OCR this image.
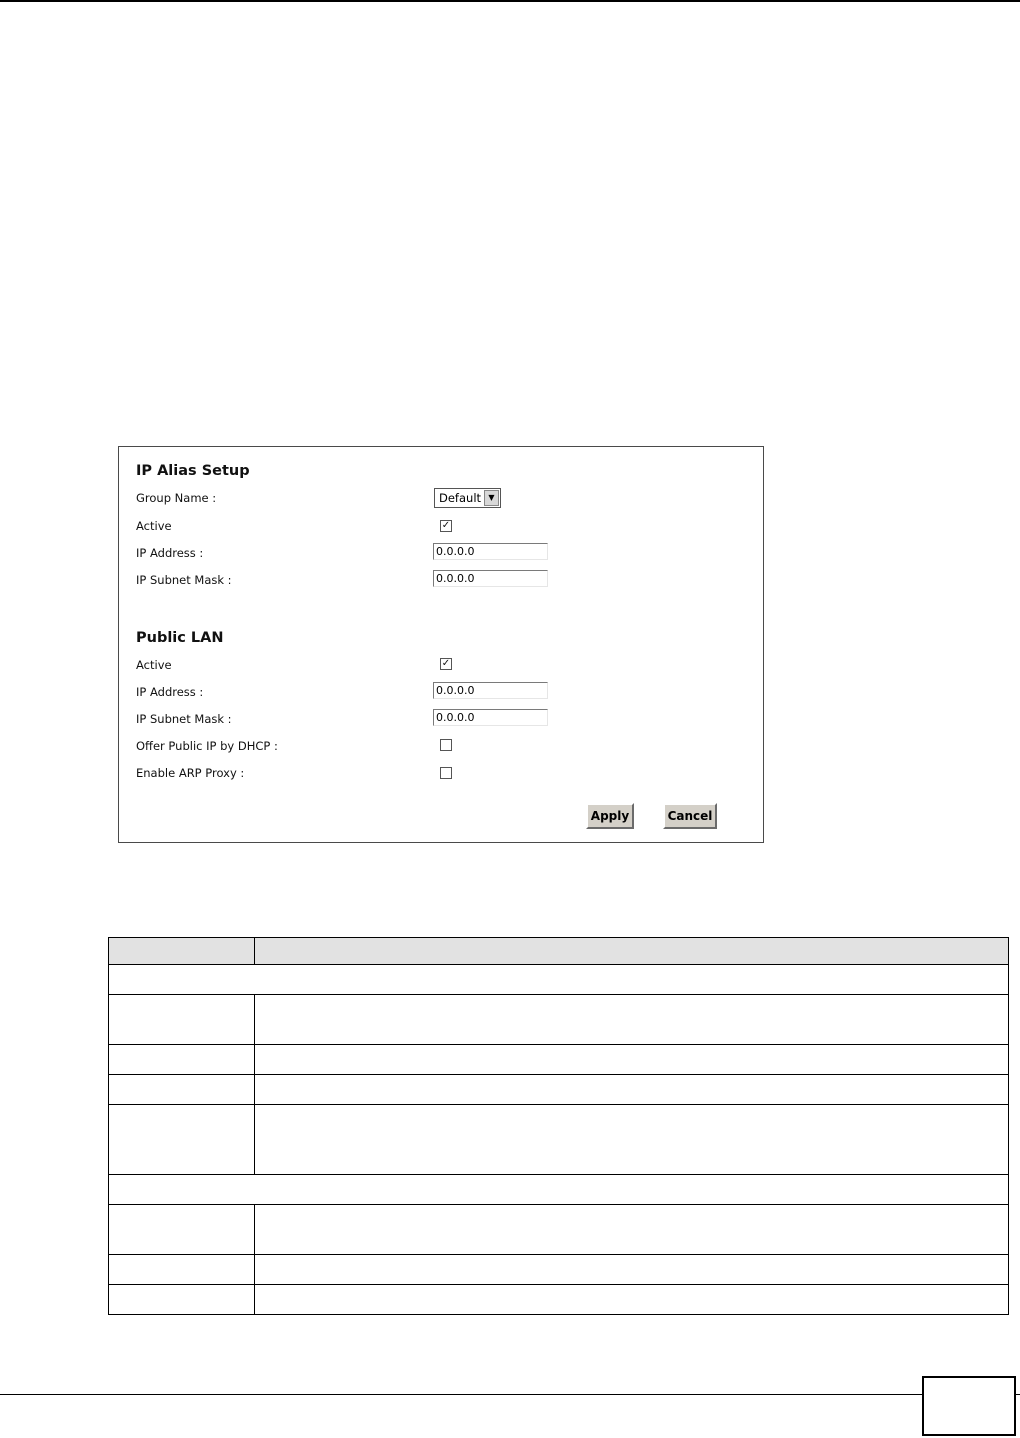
IP Alias Setup
Group Name :	Default ▼
Active	✓
IP Address :
0.0.0.0
IP Subnet Mask :
0.0.0.0
Public LAN
Active	✓
IP Address :
0.0.0.0
IP Subnet Mask :
0.0.0.0
Offer Public IP by DHCP :
Enable ARP Proxy :
Apply	Cancel
